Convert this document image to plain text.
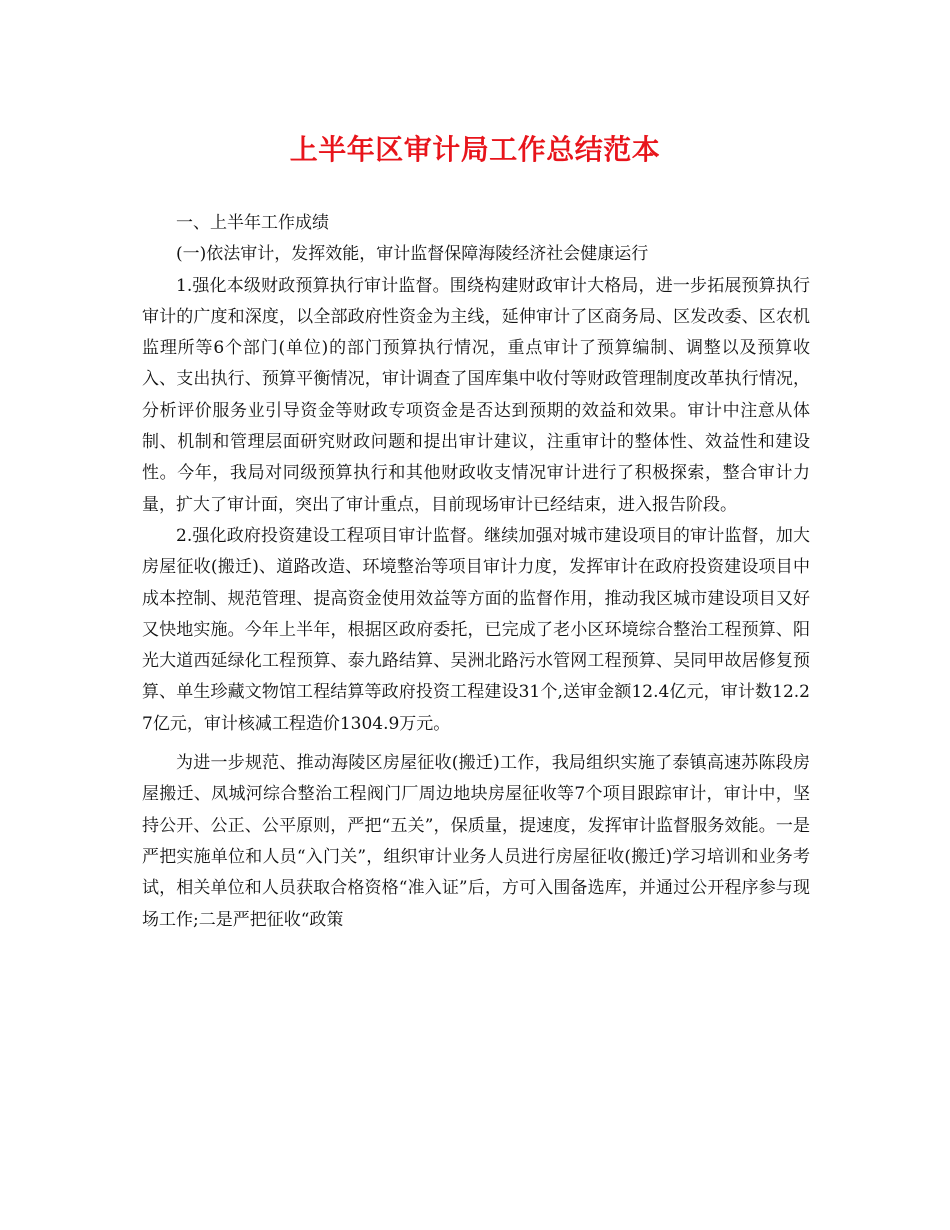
上半年区审计局工作总结范本

一、上半年工作成绩

(一)依法审计，发挥效能，审计监督保障海陵经济社会健康运行

1.强化本级财政预算执行审计监督。围绕构建财政审计大格局，进一步拓展预算执行审计的广度和深度，以全部政府性资金为主线，延伸审计了区商务局、区发改委、区农机监理所等6个部门(单位)的部门预算执行情况，重点审计了预算编制、调整以及预算收入、支出执行、预算平衡情况，审计调查了国库集中收付等财政管理制度改革执行情况，分析评价服务业引导资金等财政专项资金是否达到预期的效益和效果。审计中注意从体制、机制和管理层面研究财政问题和提出审计建议，注重审计的整体性、效益性和建设性。今年，我局对同级预算执行和其他财政收支情况审计进行了积极探索，整合审计力量，扩大了审计面，突出了审计重点，目前现场审计已经结束，进入报告阶段。

2.强化政府投资建设工程项目审计监督。继续加强对城市建设项目的审计监督，加大房屋征收(搬迁)、道路改造、环境整治等项目审计力度，发挥审计在政府投资建设项目中成本控制、规范管理、提高资金使用效益等方面的监督作用，推动我区城市建设项目又好又快地实施。今年上半年，根据区政府委托，已完成了老小区环境综合整治工程预算、阳光大道西延绿化工程预算、泰九路结算、吴洲北路污水管网工程预算、吴同甲故居修复预算、单生珍藏文物馆工程结算等政府投资工程建设31个,送审金额12.4亿元，审计数12.27亿元，审计核减工程造价1304.9万元。

为进一步规范、推动海陵区房屋征收(搬迁)工作，我局组织实施了泰镇高速苏陈段房屋搬迁、凤城河综合整治工程阀门厂周边地块房屋征收等7个项目跟踪审计，审计中，坚持公开、公正、公平原则，严把“五关”，保质量，提速度，发挥审计监督服务效能。一是严把实施单位和人员“入门关”，组织审计业务人员进行房屋征收(搬迁)学习培训和业务考试，相关单位和人员获取合格资格“准入证”后，方可入围备选库，并通过公开程序参与现场工作;二是严把征收“政策
